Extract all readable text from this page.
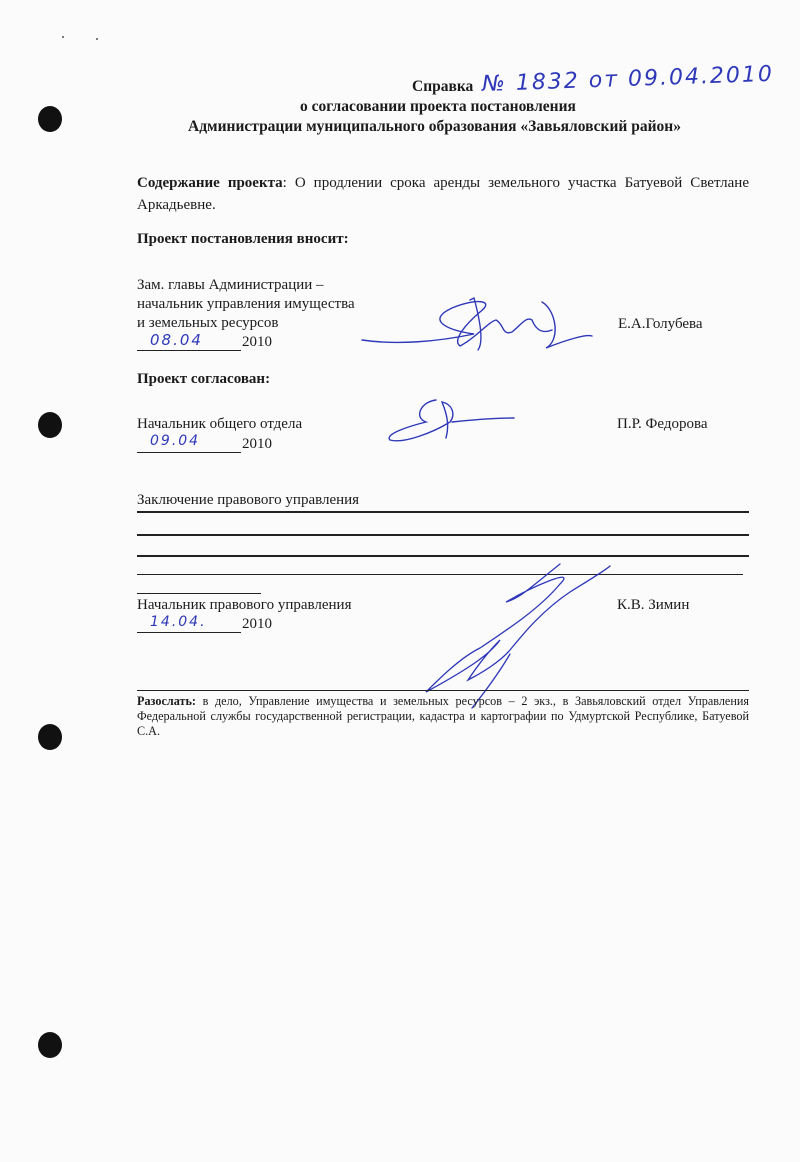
Справка № 1832 от 09.04.2010
о согласовании проекта постановления
Администрации муниципального образования «Завьяловский район»
Содержание проекта: О продлении срока аренды земельного участка Батуевой Светлане Аркадьевне.
Проект постановления вносит:
Зам. главы Администрации –
начальник управления имущества
и земельных ресурсов
08.04	2010
Е.А.Голубева
Проект согласован:
Начальник общего отдела
09.04	2010
П.Р. Федорова
Заключение правового управления
Начальник правового управления
14.04. 2010
К.В. Зимин
Разослать: в дело, Управление имущества и земельных ресурсов – 2 экз., в Завьяловский отдел Управления Федеральной службы государственной регистрации, кадастра и картографии по Удмуртской Республике, Батуевой С.А.
